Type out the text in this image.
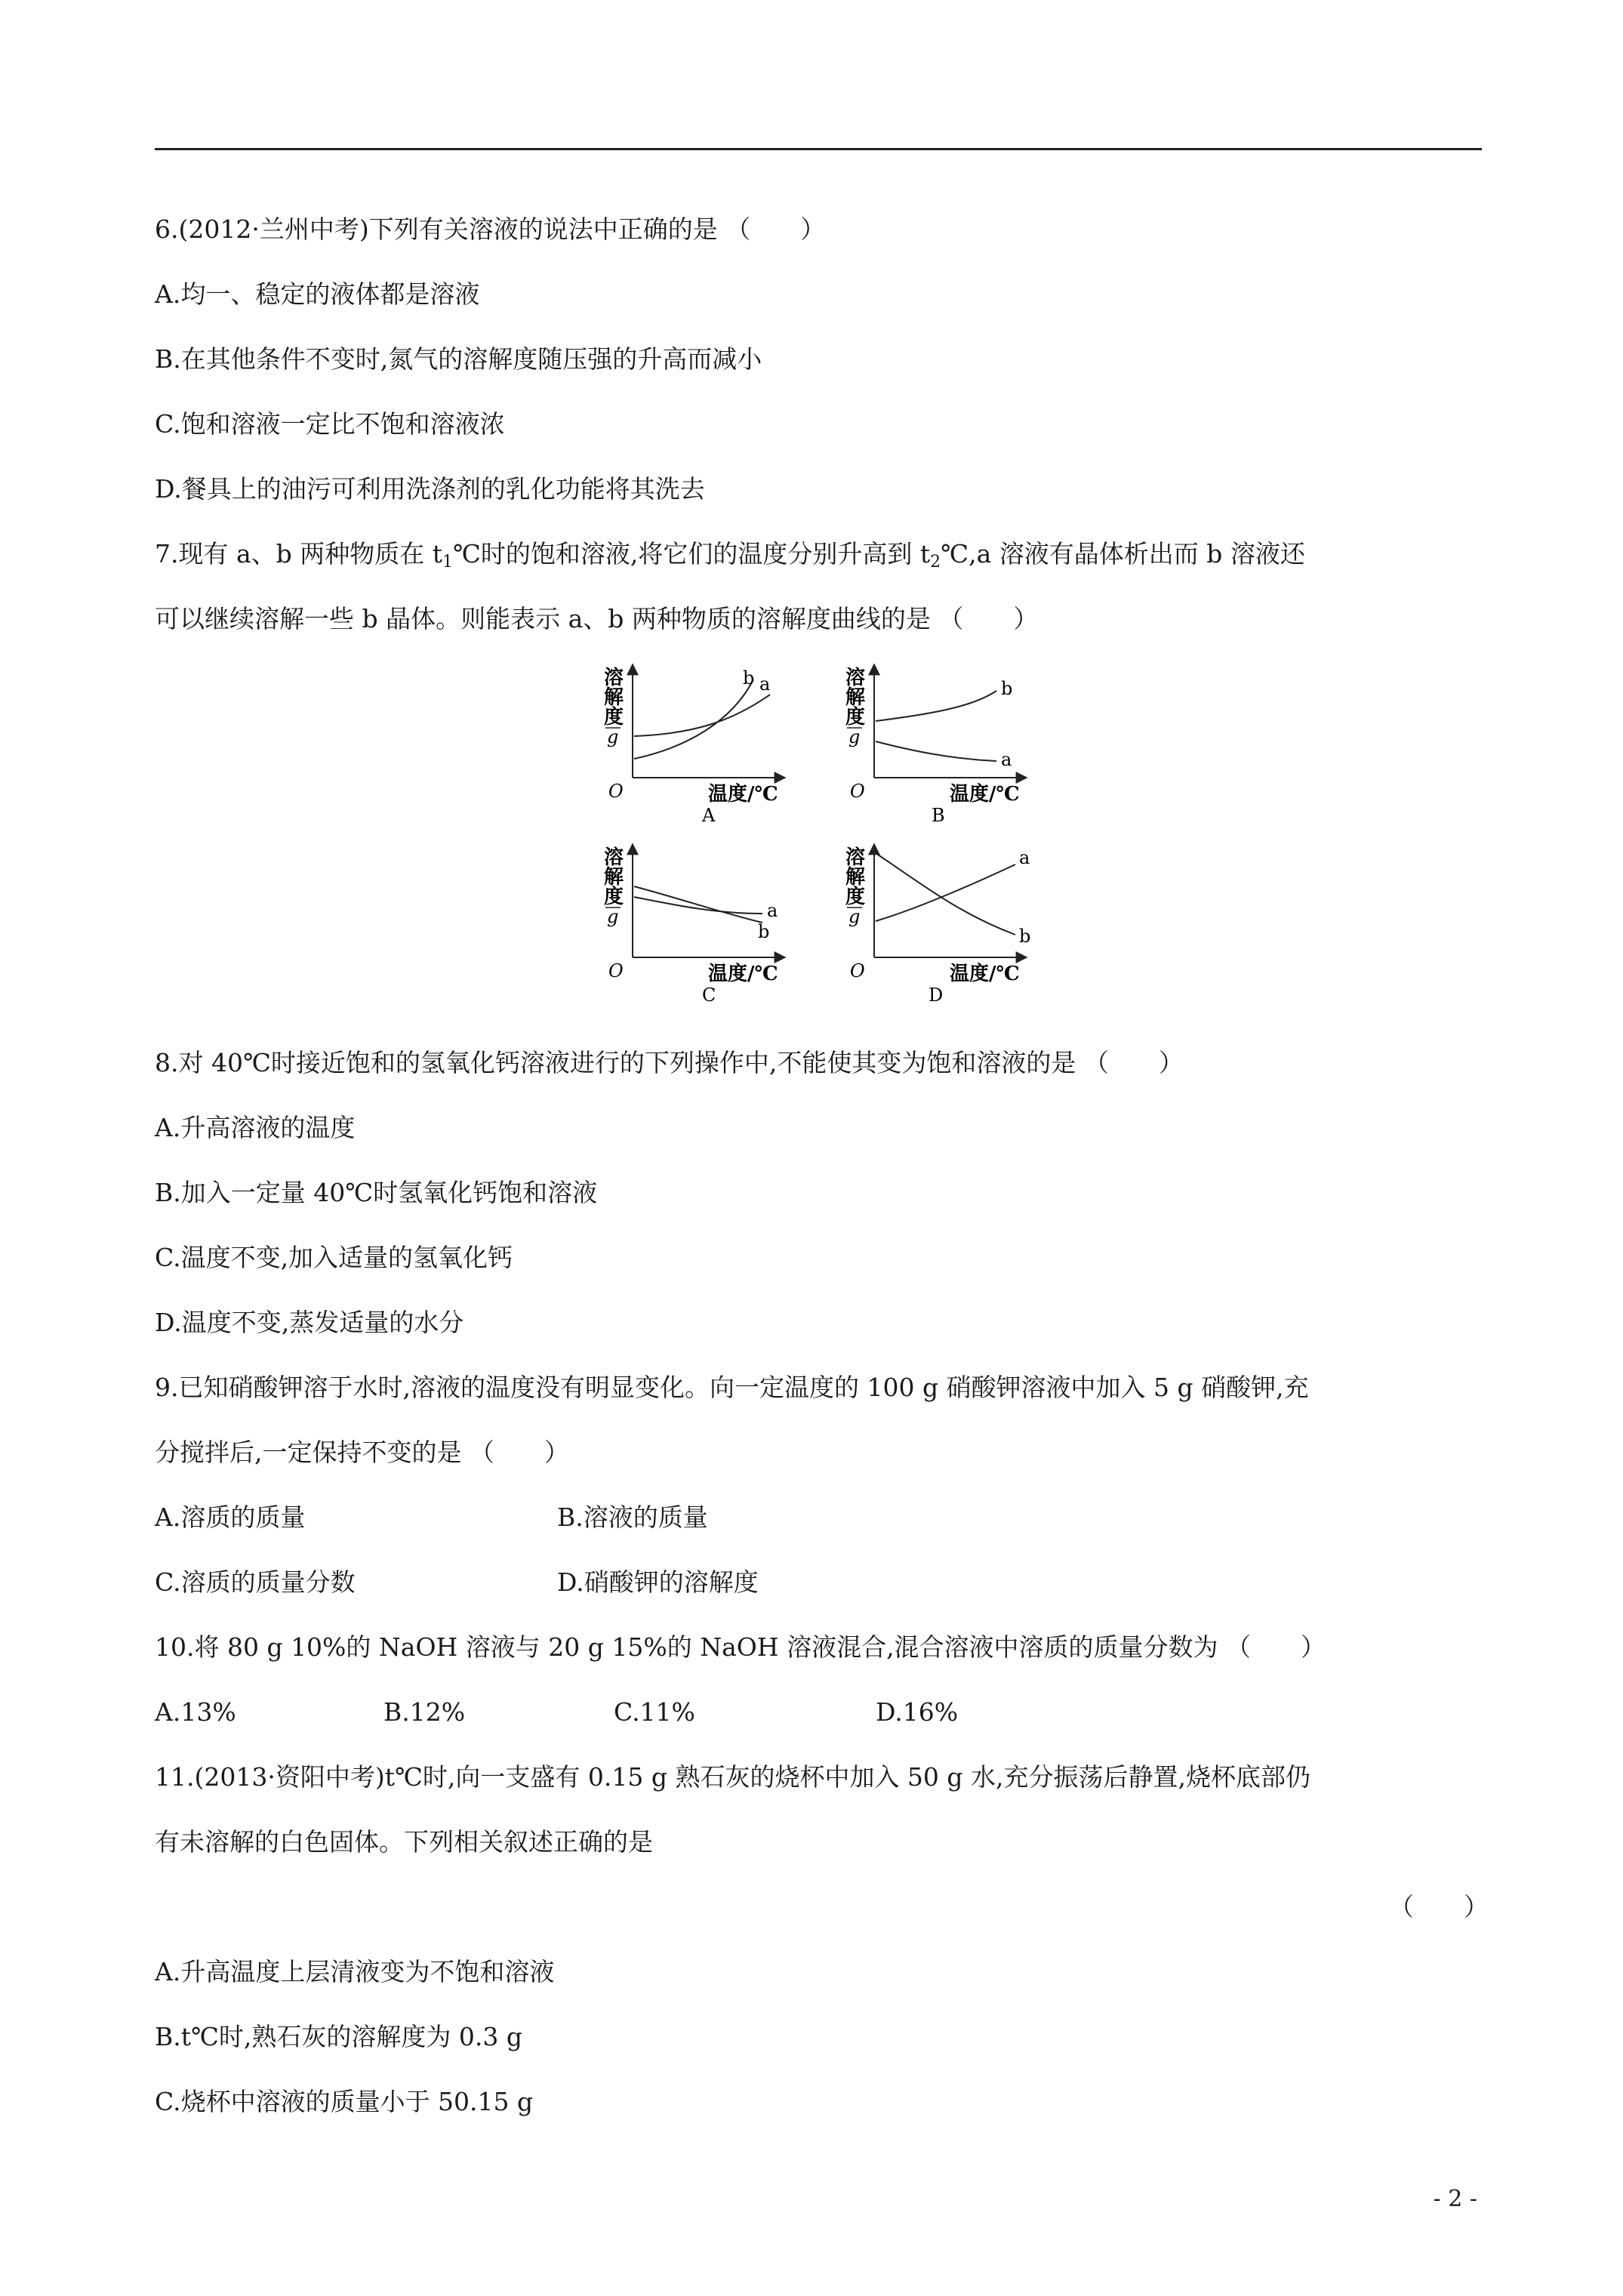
6.(2012·兰州中考)下列有关溶液的说法中正确的是 （　　）
A.均一、稳定的液体都是溶液
B.在其他条件不变时,氮气的溶解度随压强的升高而减小
C.饱和溶液一定比不饱和溶液浓
D.餐具上的油污可利用洗涤剂的乳化功能将其洗去
7.现有 a、b 两种物质在 $t_1℃$时的饱和溶液,将它们的温度分别升高到 $t_2℃,a$ 溶液有晶体析出而 b 溶液还
可以继续溶解一些 b 晶体。则能表示 a、b 两种物质的溶解度曲线的是 （　　）
溶
解
度
g
O	温度/℃
b a
A
溶
解
度
g
O	温度/℃
b
a
B
溶
解
度
g
O	温度/℃
a
b
C
溶
解
度
g
O	温度/℃
a
b
D
8.对 40℃时接近饱和的氢氧化钙溶液进行的下列操作中,不能使其变为饱和溶液的是 （　　）
A.升高溶液的温度
B.加入一定量 40℃时氢氧化钙饱和溶液
C.温度不变,加入适量的氢氧化钙
D.温度不变,蒸发适量的水分
9.已知硝酸钾溶于水时,溶液的温度没有明显变化。向一定温度的 100 g 硝酸钾溶液中加入 5 g 硝酸钾,充
分搅拌后,一定保持不变的是 （　　）
A.溶质的质量	B.溶液的质量
C.溶质的质量分数	D.硝酸钾的溶解度
10.将 80 g 10%的 NaOH 溶液与 20 g 15%的 NaOH 溶液混合,混合溶液中溶质的质量分数为 （　　）
A.13%	B.12%	C.11%	D.16%
11.(2013·资阳中考)t℃时,向一支盛有 0.15 g 熟石灰的烧杯中加入 50 g 水,充分振荡后静置,烧杯底部仍
有未溶解的白色固体。下列相关叙述正确的是
（　　）
A.升高温度上层清液变为不饱和溶液
B.t℃时,熟石灰的溶解度为 0.3 g
C.烧杯中溶液的质量小于 50.15 g
- 2 -
